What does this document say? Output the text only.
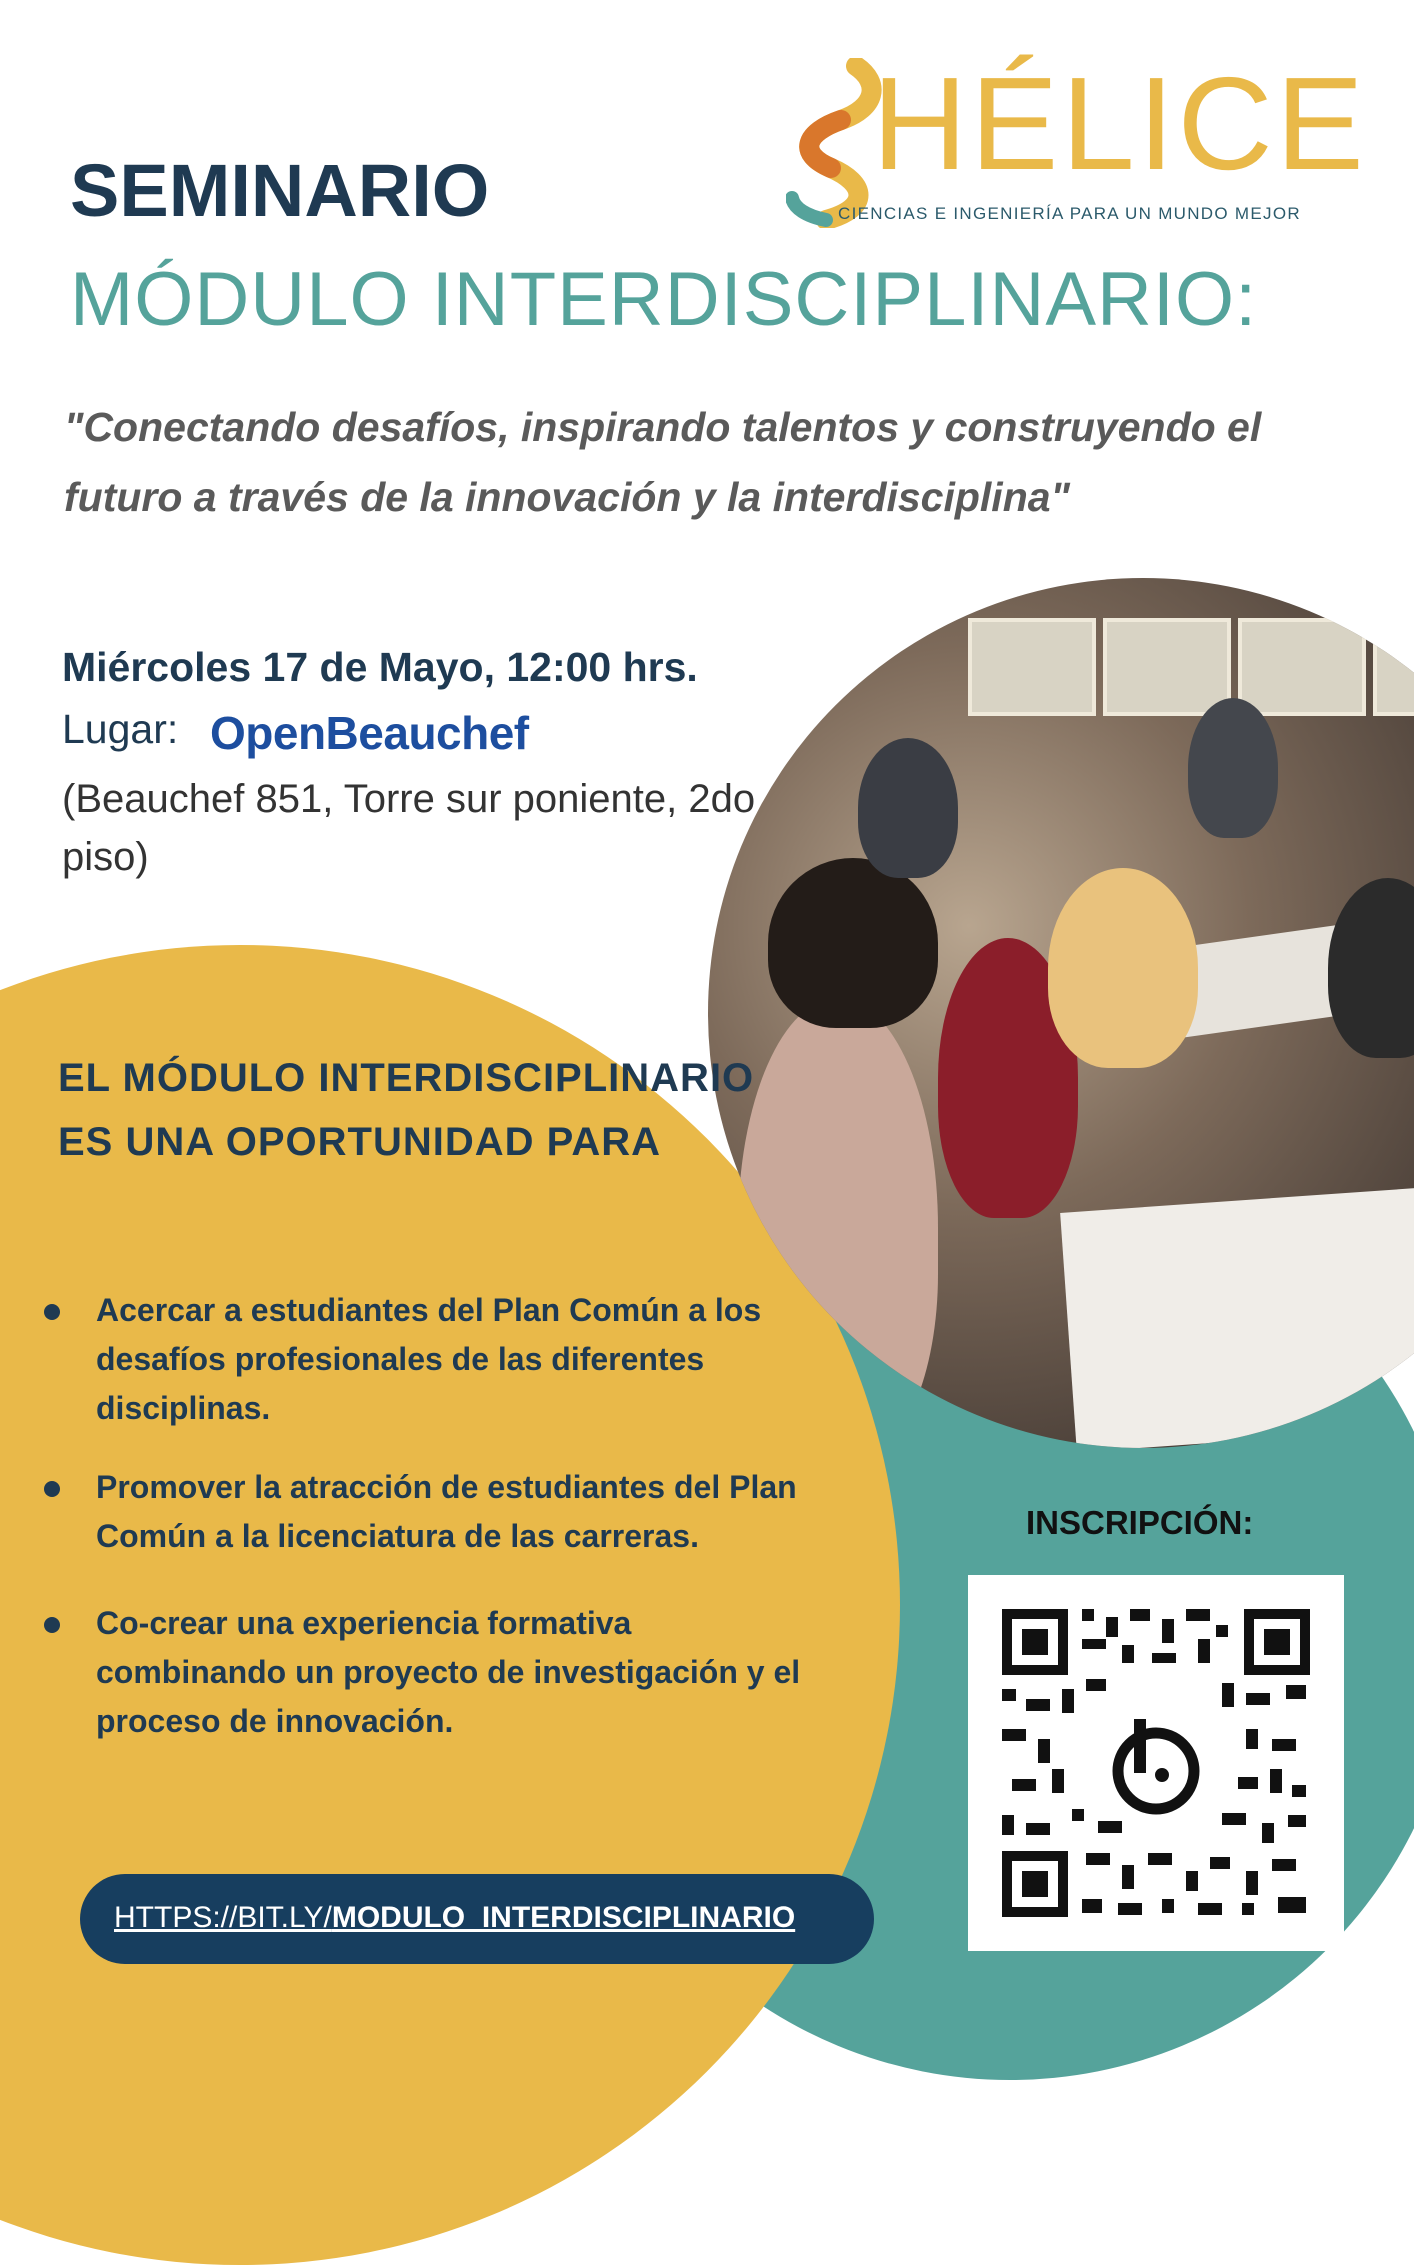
HÉLICE
CIENCIAS E INGENIERÍA PARA UN MUNDO MEJOR
SEMINARIO
MÓDULO INTERDISCIPLINARIO:
"Conectando desafíos, inspirando talentos y construyendo el futuro a través de la innovación y la interdisciplina"
Miércoles 17 de Mayo, 12:00 hrs.
Lugar: OpenBeauchef
(Beauchef 851, Torre sur poniente, 2do piso)
EL MÓDULO INTERDISCIPLINARIO ES UNA OPORTUNIDAD PARA
Acercar a estudiantes del Plan Común a los desafíos profesionales de las diferentes disciplinas.
Promover la atracción de estudiantes del Plan Común a la licenciatura de las carreras.
Co-crear una experiencia formativa combinando un proyecto de investigación y el proceso de innovación.
HTTPS://BIT.LY/MODULO_INTERDISCIPLINARIO
INSCRIPCIÓN:
